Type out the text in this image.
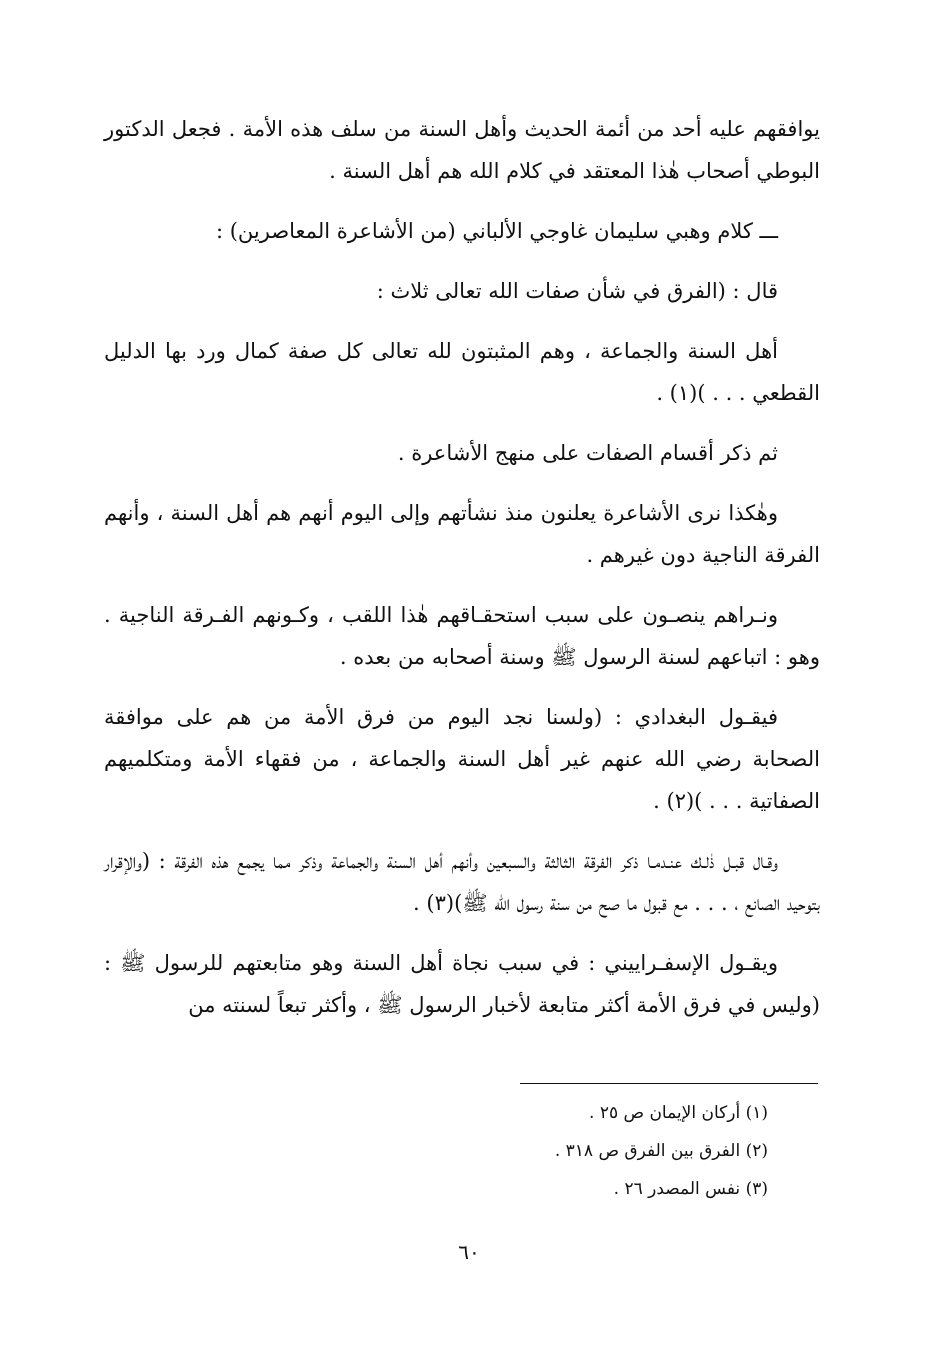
يوافقهم عليه أحد من أئمة الحديث وأهل السنة من سلف هذه الأمة . فجعل الدكتور البوطي أصحاب هٰذا المعتقد في كلام الله هم أهل السنة .

ـــ كلام وهبي سليمان غاوجي الألباني (من الأشاعرة المعاصرين) :

قال : (الفرق في شأن صفات الله تعالى ثلاث :

أهل السنة والجماعة ، وهم المثبتون لله تعالى كل صفة كمال ورد بها الدليل القطعي . . . )(١) .

ثم ذكر أقسام الصفات على منهج الأشاعرة .

وهٰكذا نرى الأشاعرة يعلنون منذ نشأتهم وإلى اليوم أنهم هم أهل السنة ، وأنهم الفرقة الناجية دون غيرهم .

ونـراهم ينصـون على سبب استحقـاقهم هٰذا اللقب ، وكـونهم الفـرقة الناجية . وهو : اتباعهم لسنة الرسول ﷺ وسنة أصحابه من بعده .

فيقـول البغدادي : (ولسنا نجد اليوم من فرق الأمة من هم على موافقة الصحابة رضي الله عنهم غير أهل السنة والجماعة ، من فقهاء الأمة ومتكلميهم الصفاتية . . . )(٢) .

وقـال قبـل ذٰلـك عنـدمـا ذكر الفرقة الثالثة والسبعين وأنهم أهل السنة والجماعة وذكر مما يجمع هذه الفرقة : (والإقرار بتوحيد الصانع ، . . . مع قبول ما صح من سنة رسول الله ﷺ)(٣) .

ويقـول الإسفـراييني : في سبب نجاة أهل السنة وهو متابعتهم للرسول ﷺ : (وليس في فرق الأمة أكثر متابعة لأخبار الرسول ﷺ ، وأكثر تبعاً لسنته من

(١) أركان الإيمان ص ٢٥ .
(٢) الفرق بين الفرق ص ٣١٨ .
(٣) نفس المصدر ٢٦ .
٦٠
